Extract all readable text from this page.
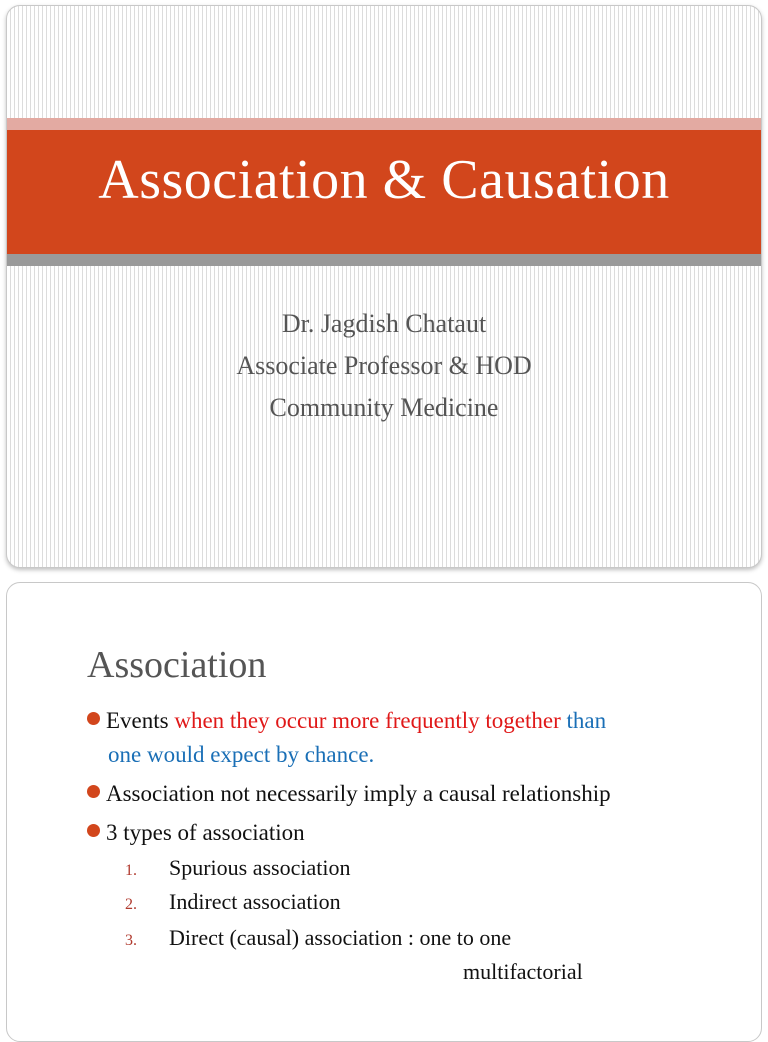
Association & Causation
Dr. Jagdish Chataut
Associate Professor & HOD
Community Medicine
Association
Events when they occur more frequently together than
one would expect by chance.
Association not necessarily imply a causal relationship
3 types of association
1. Spurious association
2. Indirect association
3. Direct (causal) association : one to one
multifactorial
